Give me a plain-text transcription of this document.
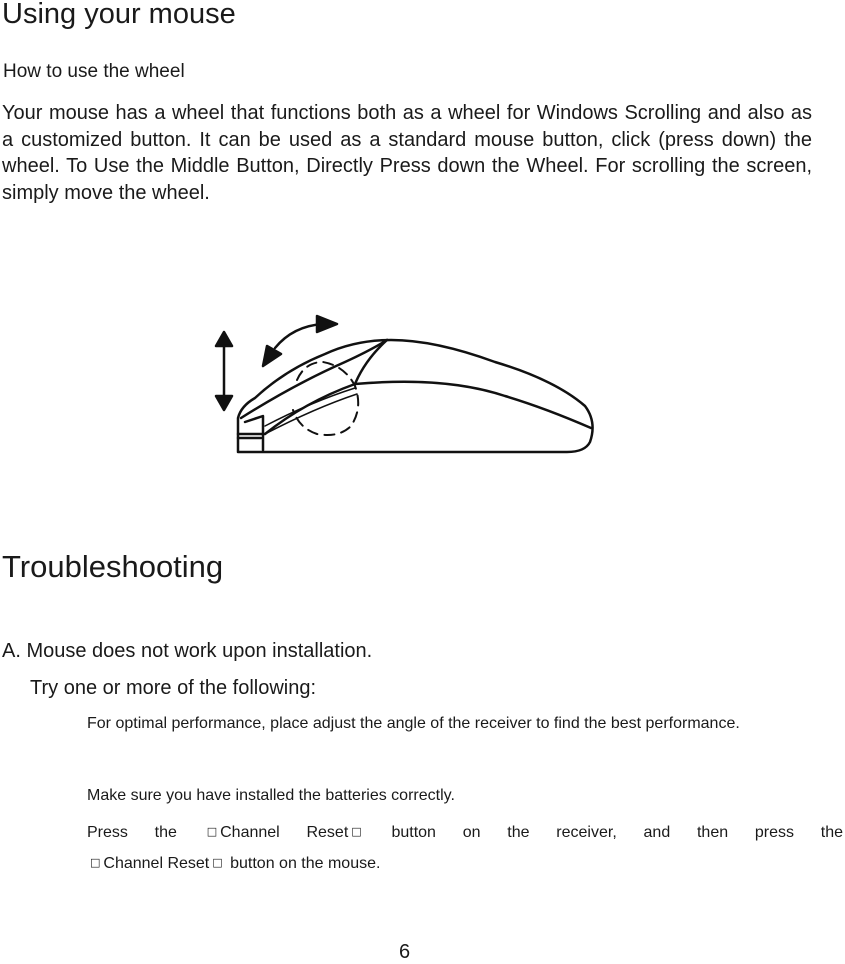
Using your mouse

How to use the wheel

Your mouse has a wheel that functions both as a wheel for Windows Scrolling and also as a customized button. It can be used as a standard mouse button, click (press down) the wheel. To Use the Middle Button, Directly Press down the Wheel. For scrolling the screen, simply move the wheel.

Troubleshooting

A. Mouse does not work upon installation.

Try one or more of the following:

For optimal performance, place adjust the angle of the receiver to find the best performance.
Make sure you have installed the batteries correctly.
Press the	□ Channel Reset □ button on the receiver, and then press the
□ Channel Reset □ button on the mouse.

6
